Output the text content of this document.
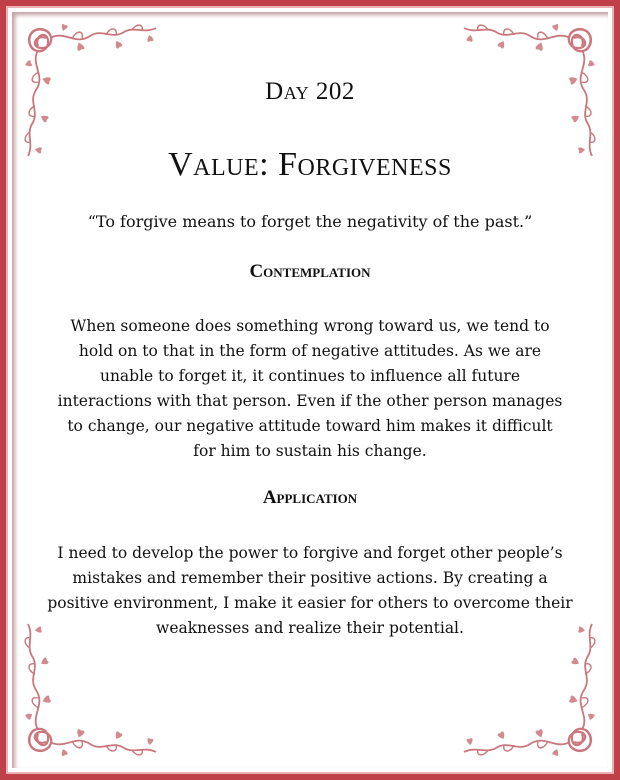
Day 202
Value: Forgiveness
“To forgive means to forget the negativity of the past.”
Contemplation
When someone does something wrong toward us, we tend to hold on to that in the form of negative attitudes. As we are unable to forget it, it continues to influence all future interactions with that person. Even if the other person manages to change, our negative attitude toward him makes it difficult for him to sustain his change.
Application
I need to develop the power to forgive and forget other people’s mistakes and remember their positive actions. By creating a positive environment, I make it easier for others to overcome their weaknesses and realize their potential.
